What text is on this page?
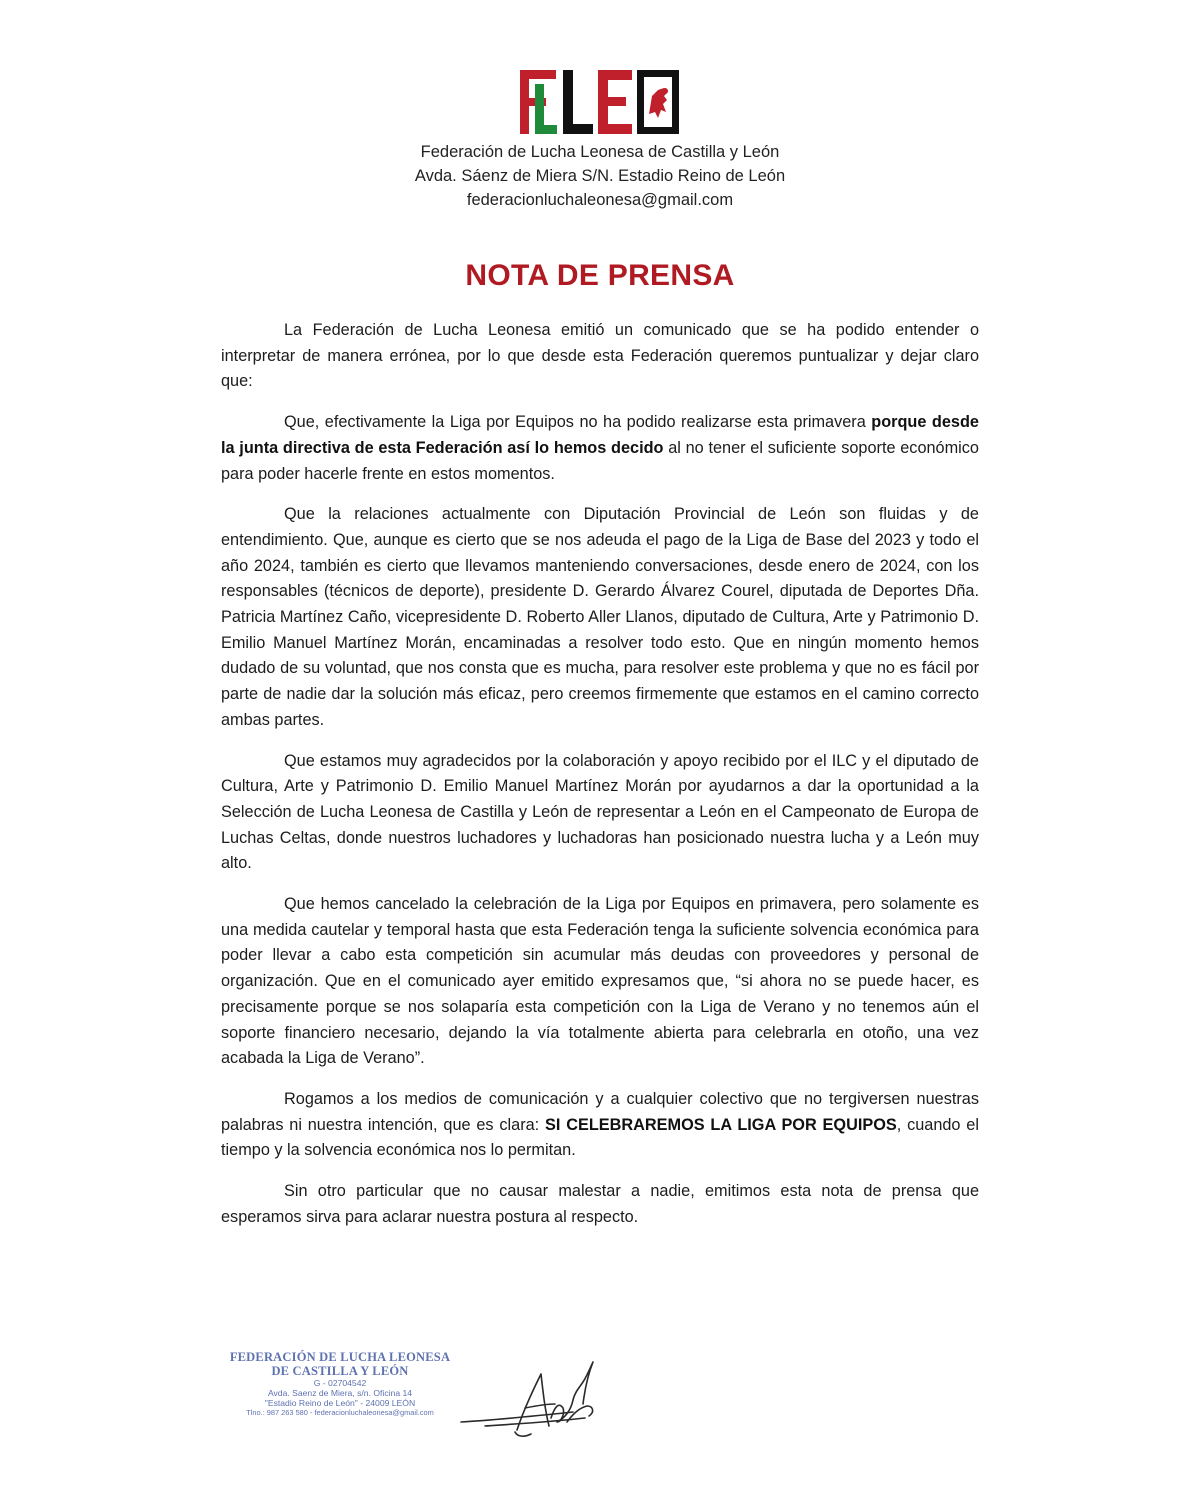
Federación de Lucha Leonesa de Castilla y León
Avda. Sáenz de Miera S/N. Estadio Reino de León
federacionluchaleonesa@gmail.com
NOTA DE PRENSA

La Federación de Lucha Leonesa emitió un comunicado que se ha podido entender o interpretar de manera errónea, por lo que desde esta Federación queremos puntualizar y dejar claro que:

Que, efectivamente la Liga por Equipos no ha podido realizarse esta primavera porque desde la junta directiva de esta Federación así lo hemos decido al no tener el suficiente soporte económico para poder hacerle frente en estos momentos.

Que la relaciones actualmente con Diputación Provincial de León son fluidas y de entendimiento. Que, aunque es cierto que se nos adeuda el pago de la Liga de Base del 2023 y todo el año 2024, también es cierto que llevamos manteniendo conversaciones, desde enero de 2024, con los responsables (técnicos de deporte), presidente D. Gerardo Álvarez Courel, diputada de Deportes Dña. Patricia Martínez Caño, vicepresidente D. Roberto Aller Llanos, diputado de Cultura, Arte y Patrimonio D. Emilio Manuel Martínez Morán, encaminadas a resolver todo esto. Que en ningún momento hemos dudado de su voluntad, que nos consta que es mucha, para resolver este problema y que no es fácil por parte de nadie dar la solución más eficaz, pero creemos firmemente que estamos en el camino correcto ambas partes.

Que estamos muy agradecidos por la colaboración y apoyo recibido por el ILC y el diputado de Cultura, Arte y Patrimonio D. Emilio Manuel Martínez Morán por ayudarnos a dar la oportunidad a la Selección de Lucha Leonesa de Castilla y León de representar a León en el Campeonato de Europa de Luchas Celtas, donde nuestros luchadores y luchadoras han posicionado nuestra lucha y a León muy alto.

Que hemos cancelado la celebración de la Liga por Equipos en primavera, pero solamente es una medida cautelar y temporal hasta que esta Federación tenga la suficiente solvencia económica para poder llevar a cabo esta competición sin acumular más deudas con proveedores y personal de organización. Que en el comunicado ayer emitido expresamos que, “si ahora no se puede hacer, es precisamente porque se nos solaparía esta competición con la Liga de Verano y no tenemos aún el soporte financiero necesario, dejando la vía totalmente abierta para celebrarla en otoño, una vez acabada la Liga de Verano”.

Rogamos a los medios de comunicación y a cualquier colectivo que no tergiversen nuestras palabras ni nuestra intención, que es clara: SI CELEBRAREMOS LA LIGA POR EQUIPOS, cuando el tiempo y la solvencia económica nos lo permitan.

Sin otro particular que no causar malestar a nadie, emitimos esta nota de prensa que esperamos sirva para aclarar nuestra postura al respecto.

FEDERACIÓN DE LUCHA LEONESA
DE CASTILLA Y LEÓN
G - 02704542
Avda. Saenz de Miera, s/n. Oficina 14
"Estadio Reino de León" - 24009 LEÓN
Tlno.: 987 263 580 - federacionluchaleonesa@gmail.com
